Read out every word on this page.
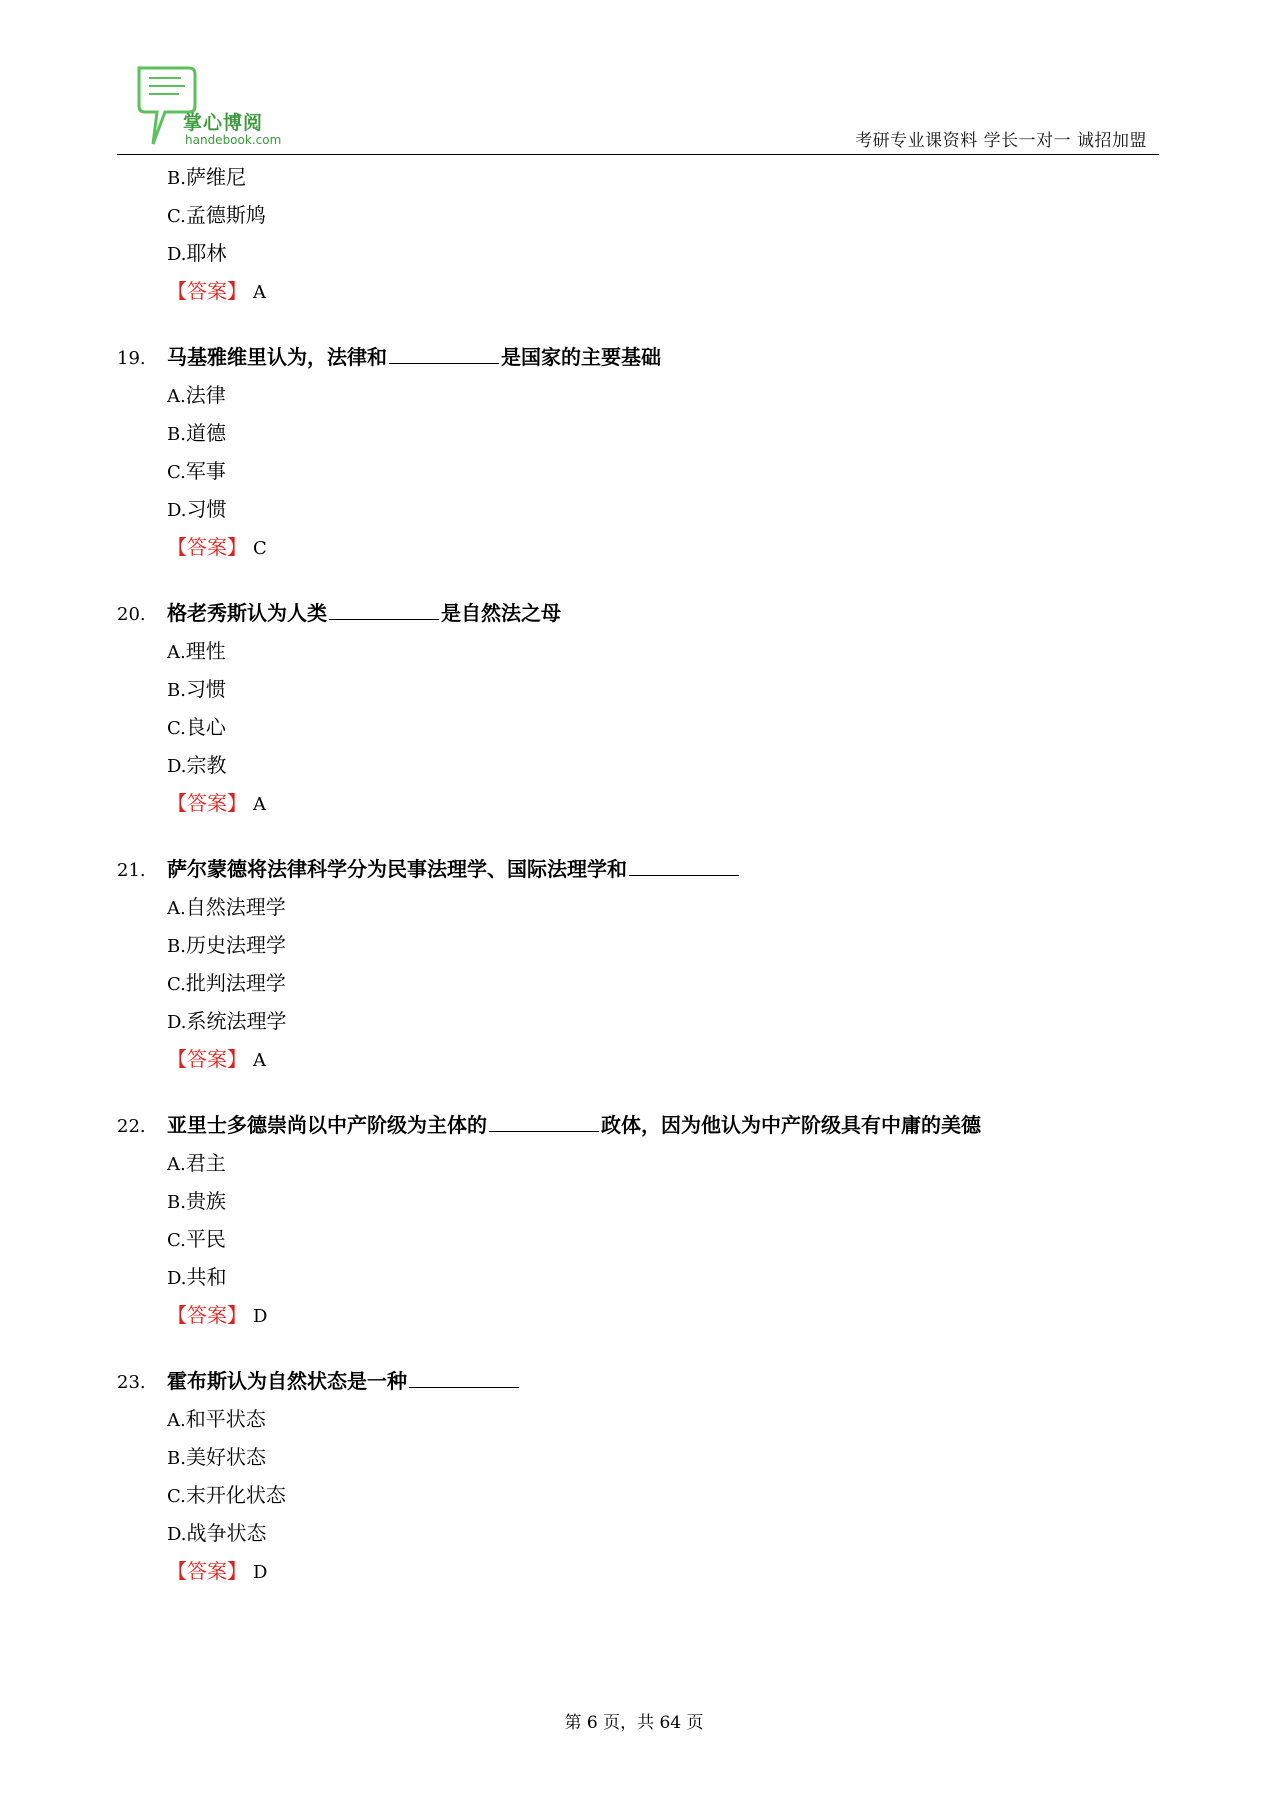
掌心博阅
handebook.com	考研专业课资料 学长一对一 诚招加盟
B.萨维尼
C.孟德斯鸠
D.耶林
【答案】 A
19. 马基雅维里认为，法律和	是国家的主要基础
A.法律
B.道德
C.军事
D.习惯
【答案】 C
20. 格老秀斯认为人类	是自然法之母
A.理性
B.习惯
C.良心
D.宗教
【答案】 A
21. 萨尔蒙德将法律科学分为民事法理学、国际法理学和
A.自然法理学
B.历史法理学
C.批判法理学
D.系统法理学
【答案】 A
22. 亚里士多德崇尚以中产阶级为主体的	政体，因为他认为中产阶级具有中庸的美德
A.君主
B.贵族
C.平民
D.共和
【答案】 D
23. 霍布斯认为自然状态是一种
A.和平状态
B.美好状态
C.末开化状态
D.战争状态
【答案】 D
第 6 页，共 64 页
